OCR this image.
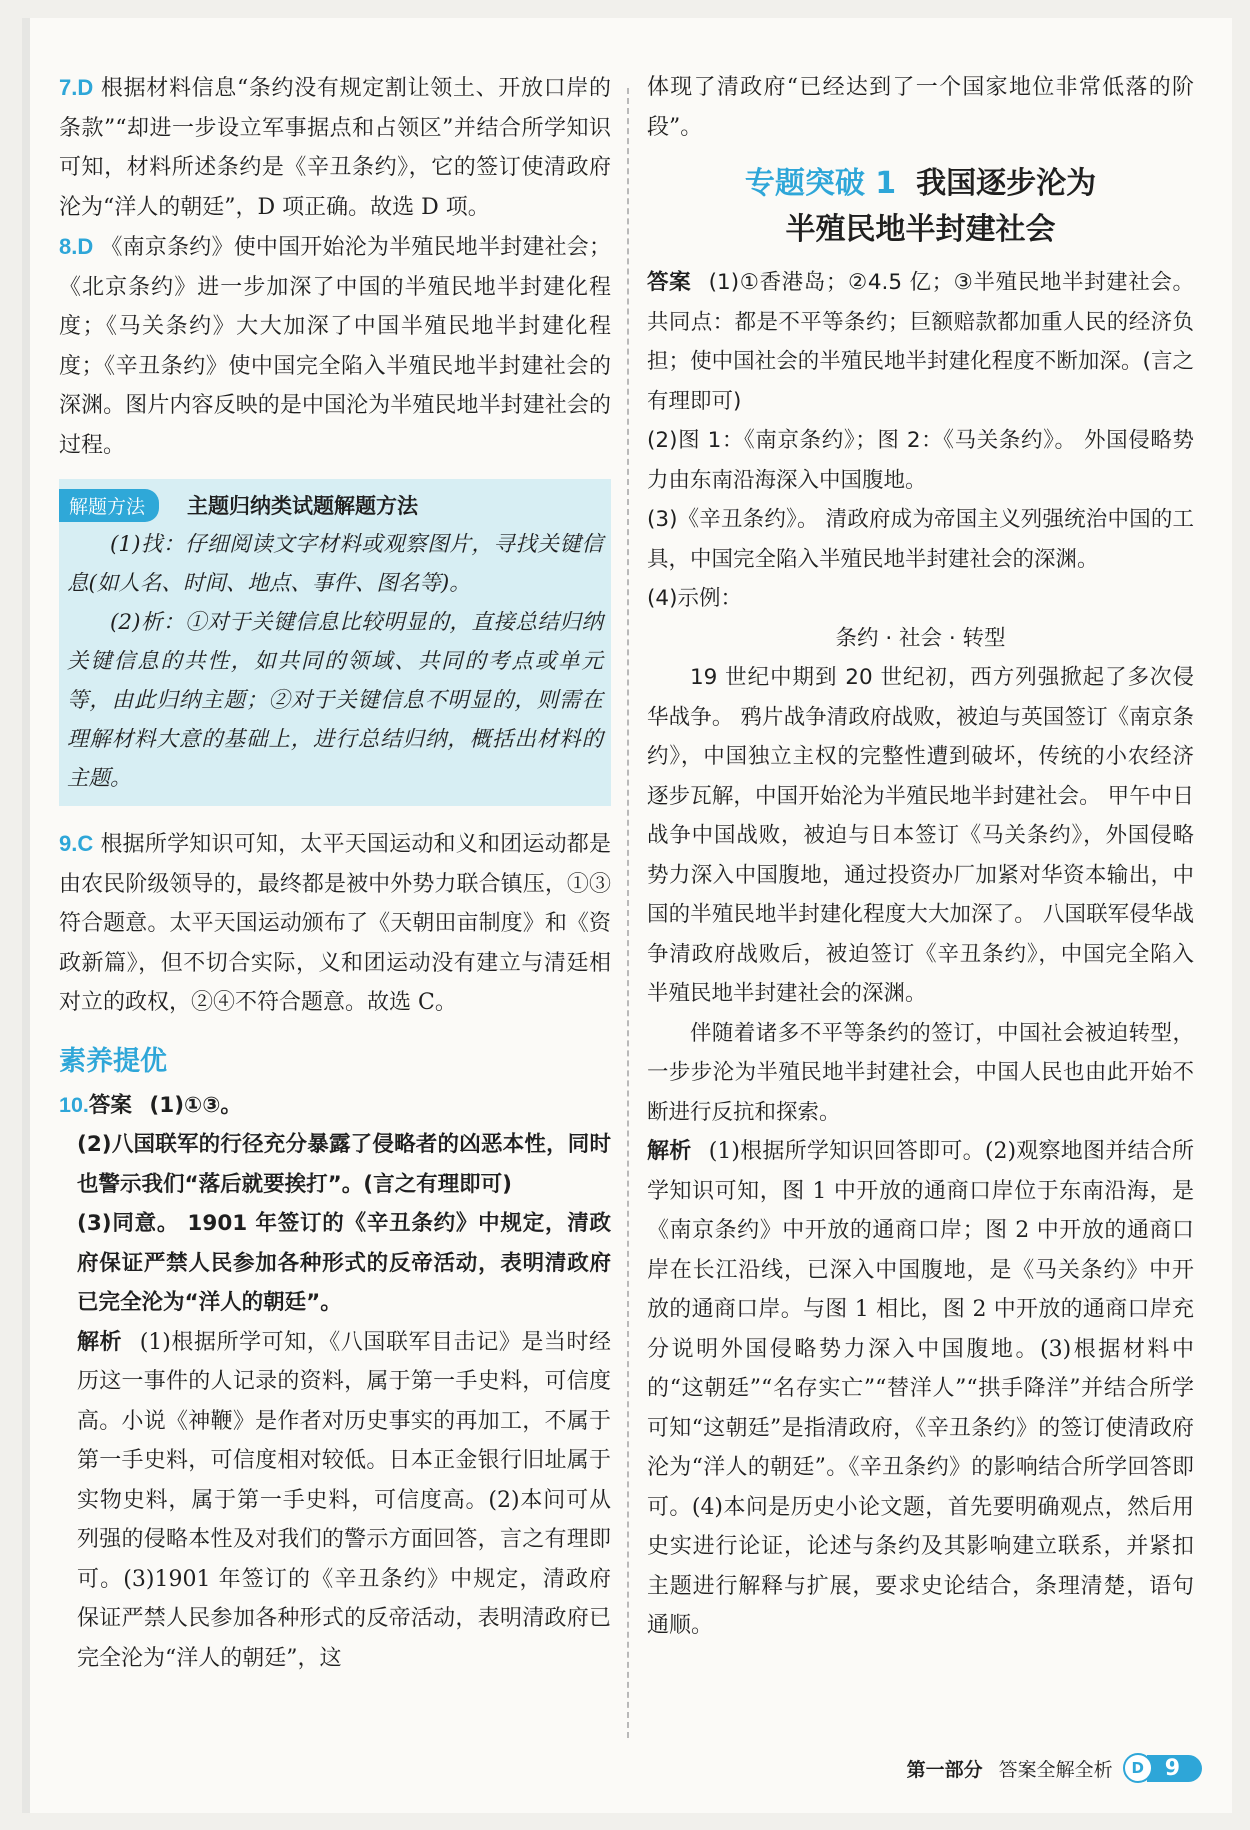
7.D 根据材料信息“条约没有规定割让领土、开放口岸的条款”“却进一步设立军事据点和占领区”并结合所学知识可知，材料所述条约是《辛丑条约》，它的签订使清政府沦为“洋人的朝廷”，D 项正确。故选 D 项。

8.D 《南京条约》使中国开始沦为半殖民地半封建社会；《北京条约》进一步加深了中国的半殖民地半封建化程度；《马关条约》大大加深了中国半殖民地半封建化程度；《辛丑条约》使中国完全陷入半殖民地半封建社会的深渊。图片内容反映的是中国沦为半殖民地半封建社会的过程。

解题方法	主题归纳类试题解题方法

(1)找：仔细阅读文字材料或观察图片，寻找关键信息(如人名、时间、地点、事件、图名等)。

(2)析：①对于关键信息比较明显的，直接总结归纳关键信息的共性，如共同的领域、共同的考点或单元等，由此归纳主题；②对于关键信息不明显的，则需在理解材料大意的基础上，进行总结归纳，概括出材料的主题。

9.C 根据所学知识可知，太平天国运动和义和团运动都是由农民阶级领导的，最终都是被中外势力联合镇压，①③符合题意。太平天国运动颁布了《天朝田亩制度》和《资政新篇》，但不切合实际，义和团运动没有建立与清廷相对立的政权，②④不符合题意。故选 C。

素养提优

10.答案 (1)①③。

(2)八国联军的行径充分暴露了侵略者的凶恶本性，同时也警示我们“落后就要挨打”。(言之有理即可)

(3)同意。 1901 年签订的《辛丑条约》中规定，清政府保证严禁人民参加各种形式的反帝活动，表明清政府已完全沦为“洋人的朝廷”。

解析 (1)根据所学可知，《八国联军目击记》是当时经历这一事件的人记录的资料，属于第一手史料，可信度高。小说《神鞭》是作者对历史事实的再加工，不属于第一手史料，可信度相对较低。日本正金银行旧址属于实物史料，属于第一手史料，可信度高。(2)本问可从列强的侵略本性及对我们的警示方面回答，言之有理即可。(3)1901 年签订的《辛丑条约》中规定，清政府保证严禁人民参加各种形式的反帝活动，表明清政府已完全沦为“洋人的朝廷”，这

体现了清政府“已经达到了一个国家地位非常低落的阶段”。

专题突破 1 我国逐步沦为
半殖民地半封建社会

答案 (1)①香港岛；②4.5 亿；③半殖民地半封建社会。 共同点：都是不平等条约；巨额赔款都加重人民的经济负担；使中国社会的半殖民地半封建化程度不断加深。(言之有理即可)

(2)图 1：《南京条约》；图 2：《马关条约》。 外国侵略势力由东南沿海深入中国腹地。

(3)《辛丑条约》。 清政府成为帝国主义列强统治中国的工具，中国完全陷入半殖民地半封建社会的深渊。

(4)示例：

条约 · 社会 · 转型

19 世纪中期到 20 世纪初，西方列强掀起了多次侵华战争。 鸦片战争清政府战败，被迫与英国签订《南京条约》，中国独立主权的完整性遭到破坏，传统的小农经济逐步瓦解，中国开始沦为半殖民地半封建社会。 甲午中日战争中国战败，被迫与日本签订《马关条约》，外国侵略势力深入中国腹地，通过投资办厂加紧对华资本输出，中国的半殖民地半封建化程度大大加深了。 八国联军侵华战争清政府战败后，被迫签订《辛丑条约》，中国完全陷入半殖民地半封建社会的深渊。

伴随着诸多不平等条约的签订，中国社会被迫转型，一步步沦为半殖民地半封建社会，中国人民也由此开始不断进行反抗和探索。

解析 (1)根据所学知识回答即可。(2)观察地图并结合所学知识可知，图 1 中开放的通商口岸位于东南沿海，是《南京条约》中开放的通商口岸；图 2 中开放的通商口岸在长江沿线，已深入中国腹地，是《马关条约》中开放的通商口岸。与图 1 相比，图 2 中开放的通商口岸充分说明外国侵略势力深入中国腹地。(3)根据材料中的“这朝廷”“名存实亡”“替洋人”“拱手降洋”并结合所学可知“这朝廷”是指清政府，《辛丑条约》的签订使清政府沦为“洋人的朝廷”。《辛丑条约》的影响结合所学回答即可。(4)本问是历史小论文题，首先要明确观点，然后用史实进行论证，论述与条约及其影响建立联系，并紧扣主题进行解释与扩展，要求史论结合，条理清楚，语句通顺。

第一部分 答案全解全析	D 9
